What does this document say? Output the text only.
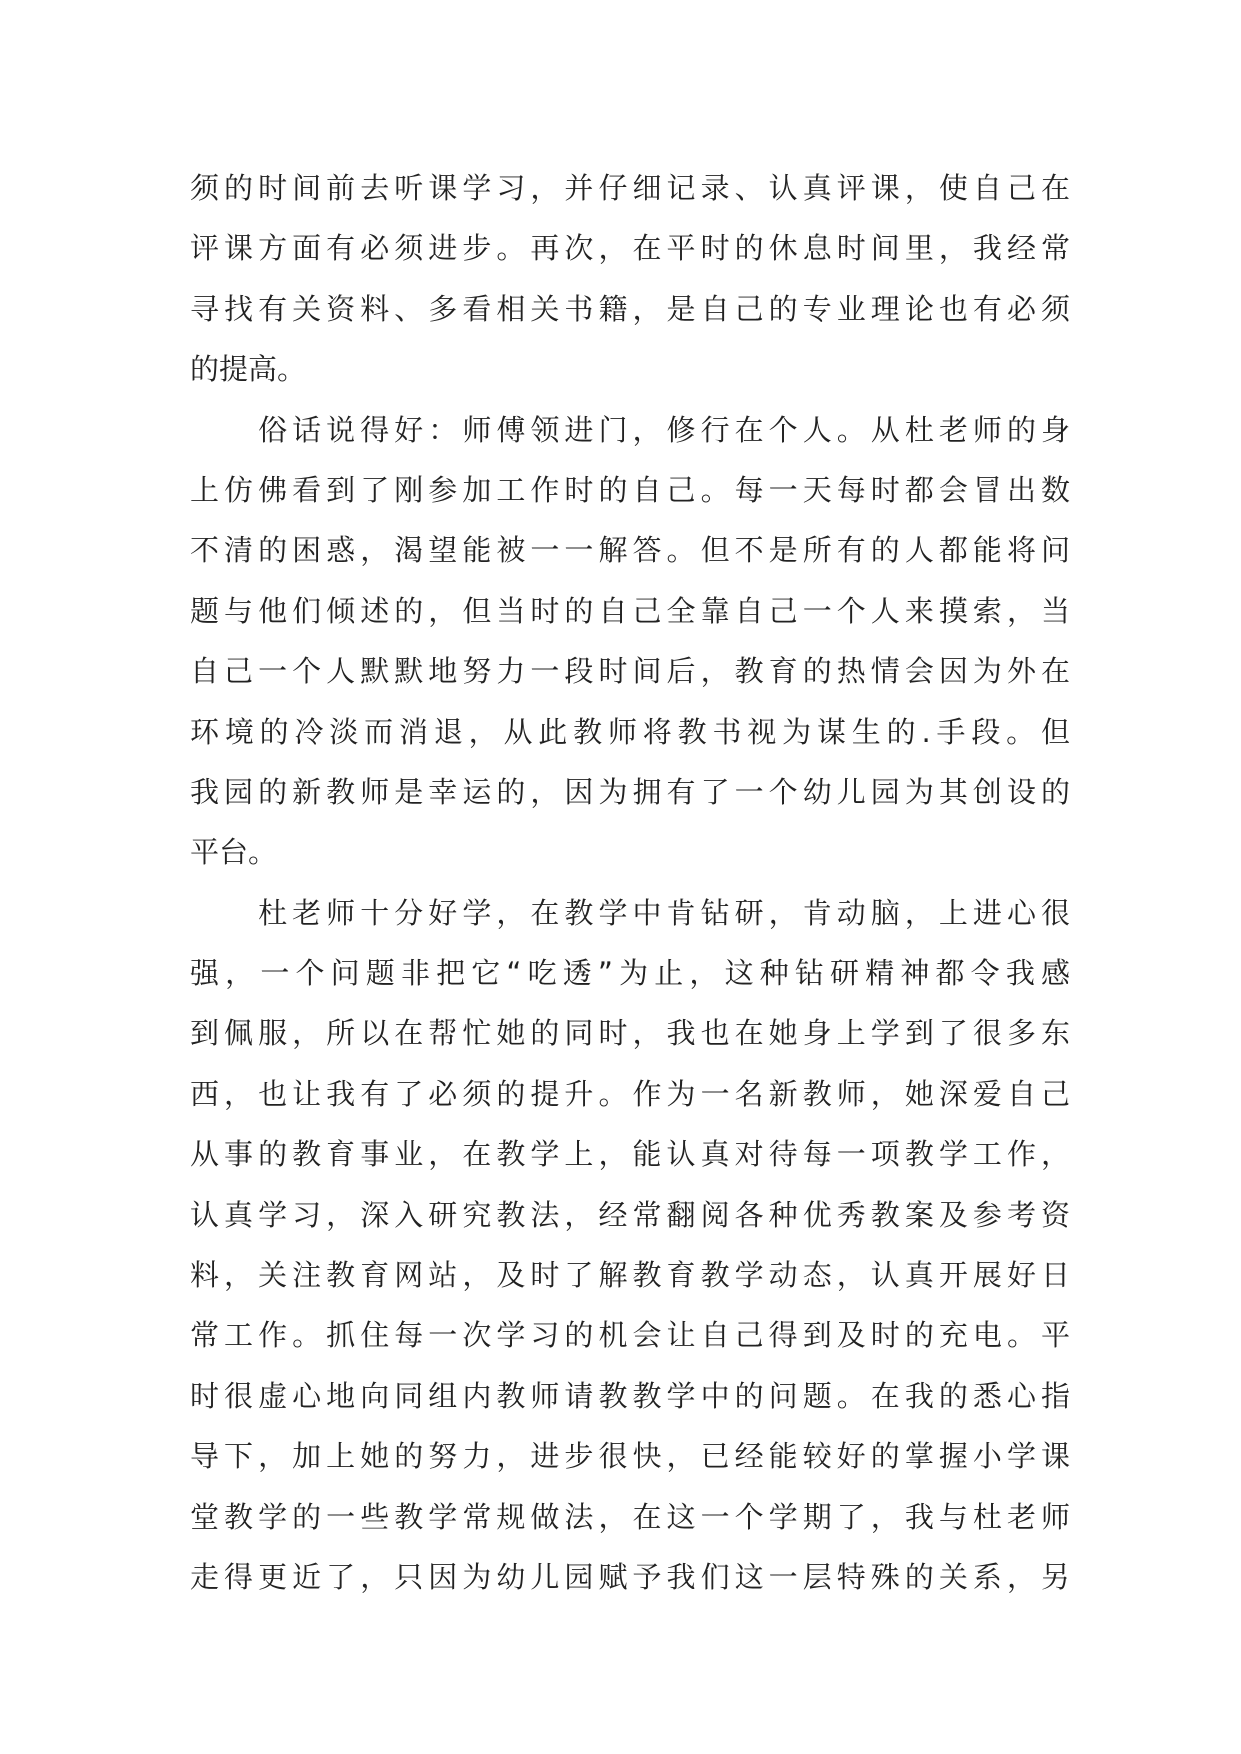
须的时间前去听课学习，并仔细记录、认真评课，使自己在
评课方面有必须进步。再次，在平时的休息时间里，我经常
寻找有关资料、多看相关书籍，是自己的专业理论也有必须
的提高。
　　俗话说得好：师傅领进门，修行在个人。从杜老师的身
上仿佛看到了刚参加工作时的自己。每一天每时都会冒出数
不清的困惑，渴望能被一一解答。但不是所有的人都能将问
题与他们倾述的，但当时的自己全靠自己一个人来摸索，当
自己一个人默默地努力一段时间后，教育的热情会因为外在
环境的冷淡而消退，从此教师将教书视为谋生的.手段。但
我园的新教师是幸运的，因为拥有了一个幼儿园为其创设的
平台。
　　杜老师十分好学，在教学中肯钻研，肯动脑，上进心很
强，一个问题非把它“吃透”为止，这种钻研精神都令我感
到佩服，所以在帮忙她的同时，我也在她身上学到了很多东
西，也让我有了必须的提升。作为一名新教师，她深爱自己
从事的教育事业，在教学上，能认真对待每一项教学工作，
认真学习，深入研究教法，经常翻阅各种优秀教案及参考资
料，关注教育网站，及时了解教育教学动态，认真开展好日
常工作。抓住每一次学习的机会让自己得到及时的充电。平
时很虚心地向同组内教师请教教学中的问题。在我的悉心指
导下，加上她的努力，进步很快，已经能较好的掌握小学课
堂教学的一些教学常规做法，在这一个学期了，我与杜老师
走得更近了，只因为幼儿园赋予我们这一层特殊的关系，另
